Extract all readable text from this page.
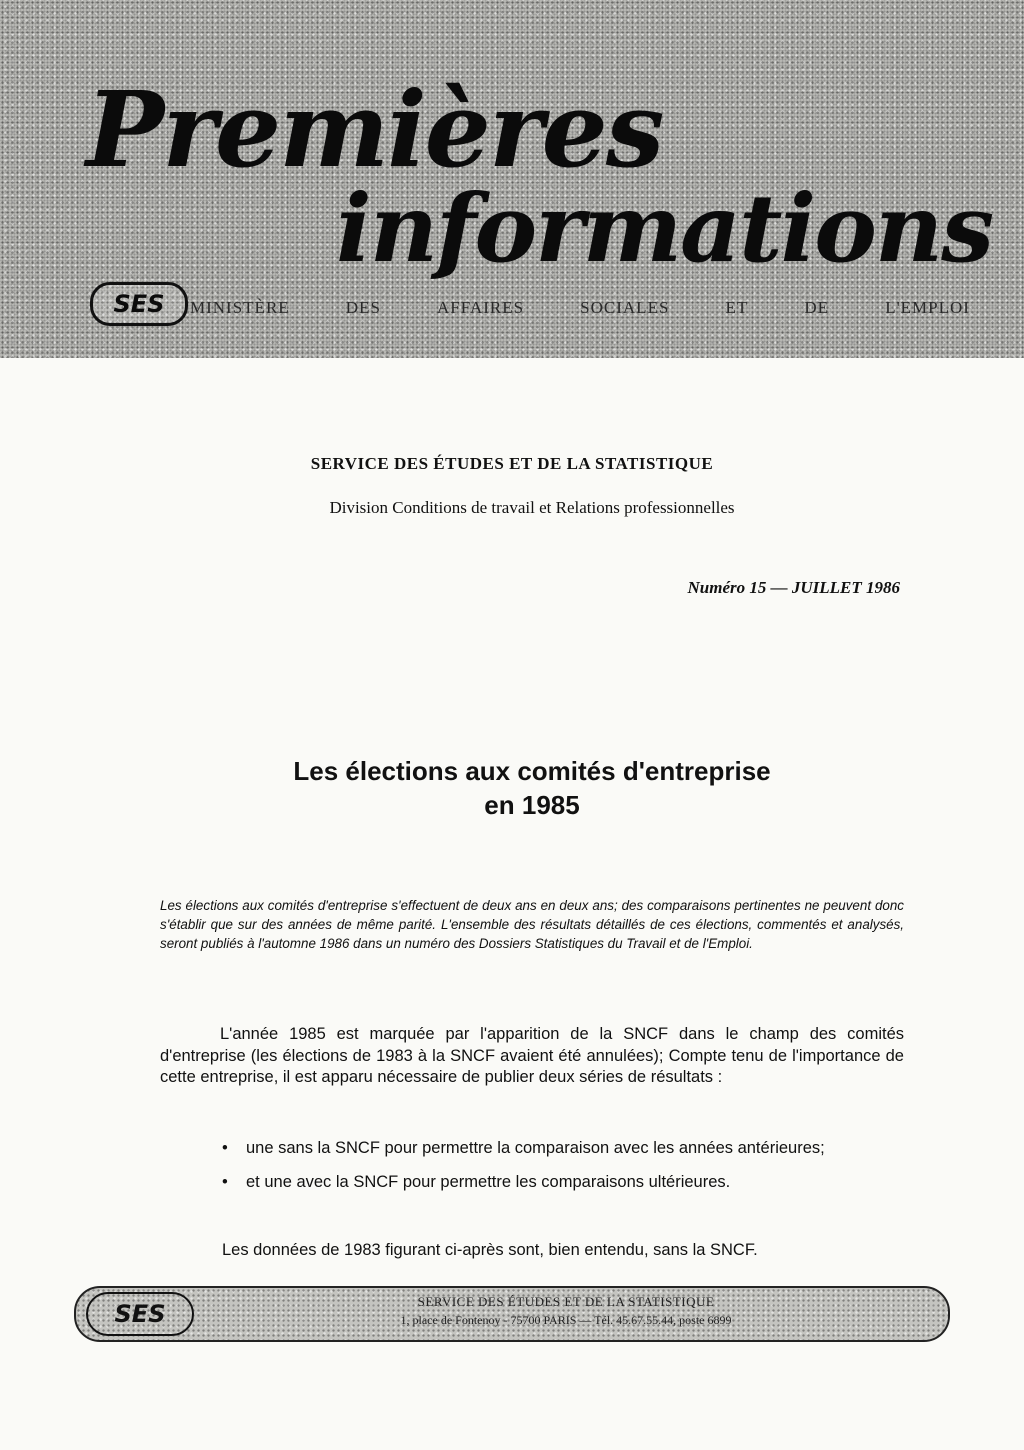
Premières
informations
SES	MINISTÈRE	DES	AFFAIRES	SOCIALES	ET	DE	L'EMPLOI
SERVICE DES ÉTUDES ET DE LA STATISTIQUE
Division Conditions de travail et Relations professionnelles
Numéro 15 — JUILLET 1986
Les élections aux comités d'entreprise
en 1985
Les élections aux comités d'entreprise s'effectuent de deux ans en deux ans; des comparaisons pertinentes ne peuvent donc s'établir que sur des années de même parité. L'ensemble des résultats détaillés de ces élections, commentés et analysés, seront publiés à l'automne 1986 dans un numéro des Dossiers Statistiques du Travail et de l'Emploi.
L'année 1985 est marquée par l'apparition de la SNCF dans le champ des comités d'entreprise (les élections de 1983 à la SNCF avaient été annulées); Compte tenu de l'importance de cette entreprise, il est apparu nécessaire de publier deux séries de résultats :
• une sans la SNCF pour permettre la comparaison avec les années antérieures;
• et une avec la SNCF pour permettre les comparaisons ultérieures.
Les données de 1983 figurant ci-après sont, bien entendu, sans la SNCF.
SES	SERVICE DES ÉTUDES ET DE LA STATISTIQUE
1, place de Fontenoy - 75700 PARIS — Tél. 45.67.55.44, poste 6899
